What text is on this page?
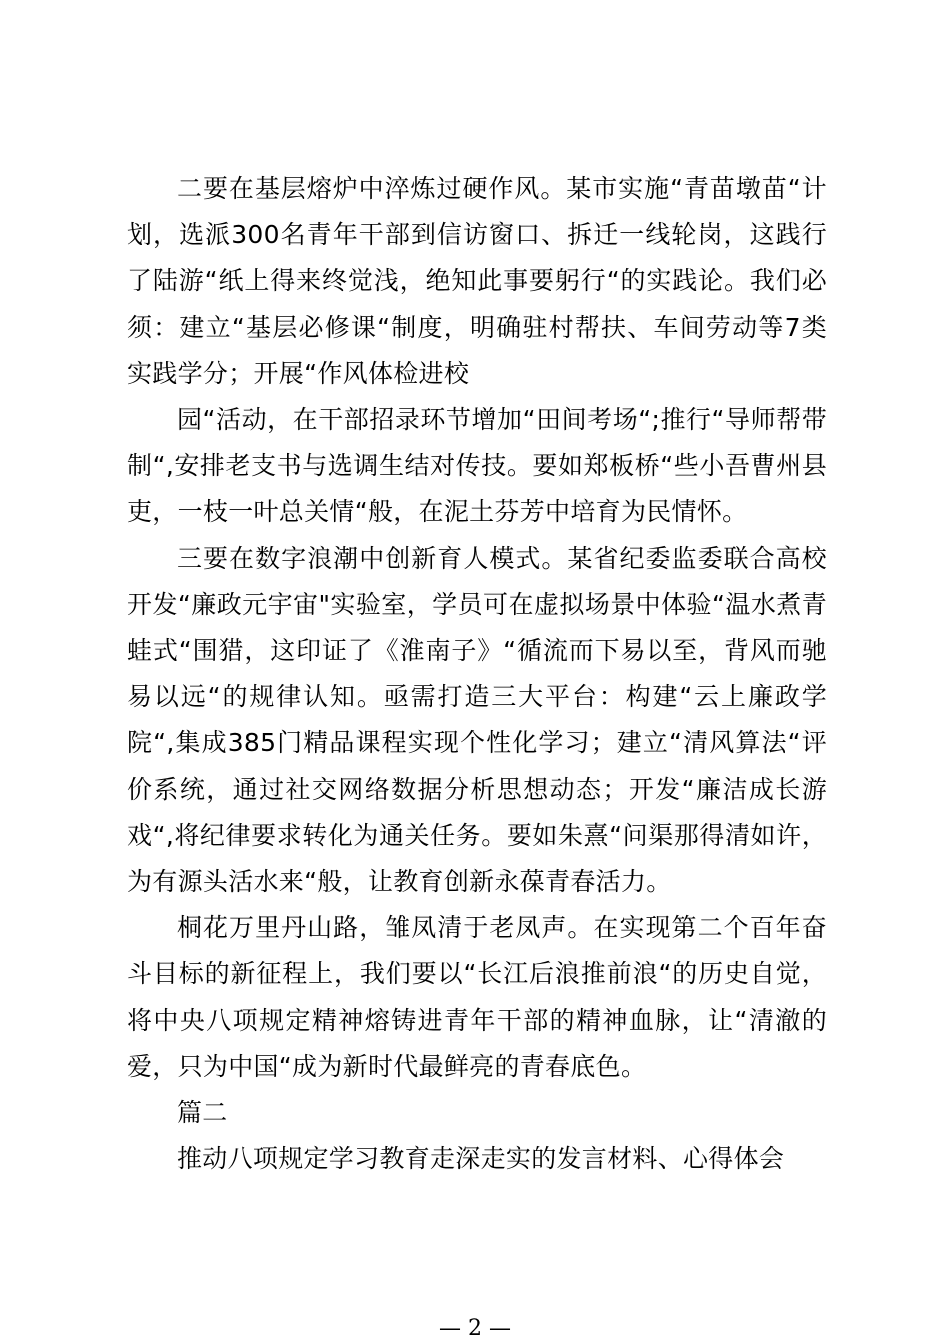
二要在基层熔炉中淬炼过硬作风。某市实施“青苗墩苗“计划，选派300名青年干部到信访窗口、拆迁一线轮岗，这践行了陆游“纸上得来终觉浅，绝知此事要躬行“的实践论。我们必须：建立“基层必修课“制度，明确驻村帮扶、车间劳动等7类实践学分；开展“作风体检进校

园“活动，在干部招录环节增加“田间考场“;推行“导师帮带制“,安排老支书与选调生结对传技。要如郑板桥“些小吾曹州县吏，一枝一叶总关情“般，在泥土芬芳中培育为民情怀。

三要在数字浪潮中创新育人模式。某省纪委监委联合高校开发“廉政元宇宙"实验室，学员可在虚拟场景中体验“温水煮青蛙式“围猎，这印证了《淮南子》“循流而下易以至，背风而驰易以远“的规律认知。亟需打造三大平台：构建“云上廉政学院“,集成385门精品课程实现个性化学习；建立“清风算法“评价系统，通过社交网络数据分析思想动态；开发“廉洁成长游戏“,将纪律要求转化为通关任务。要如朱熹“问渠那得清如许，为有源头活水来“般，让教育创新永葆青春活力。

桐花万里丹山路，雏凤清于老凤声。在实现第二个百年奋斗目标的新征程上，我们要以“长江后浪推前浪“的历史自觉，将中央八项规定精神熔铸进青年干部的精神血脉，让“清澈的爱，只为中国“成为新时代最鲜亮的青春底色。

篇二

推动八项规定学习教育走深走实的发言材料、心得体会

— 2 —
